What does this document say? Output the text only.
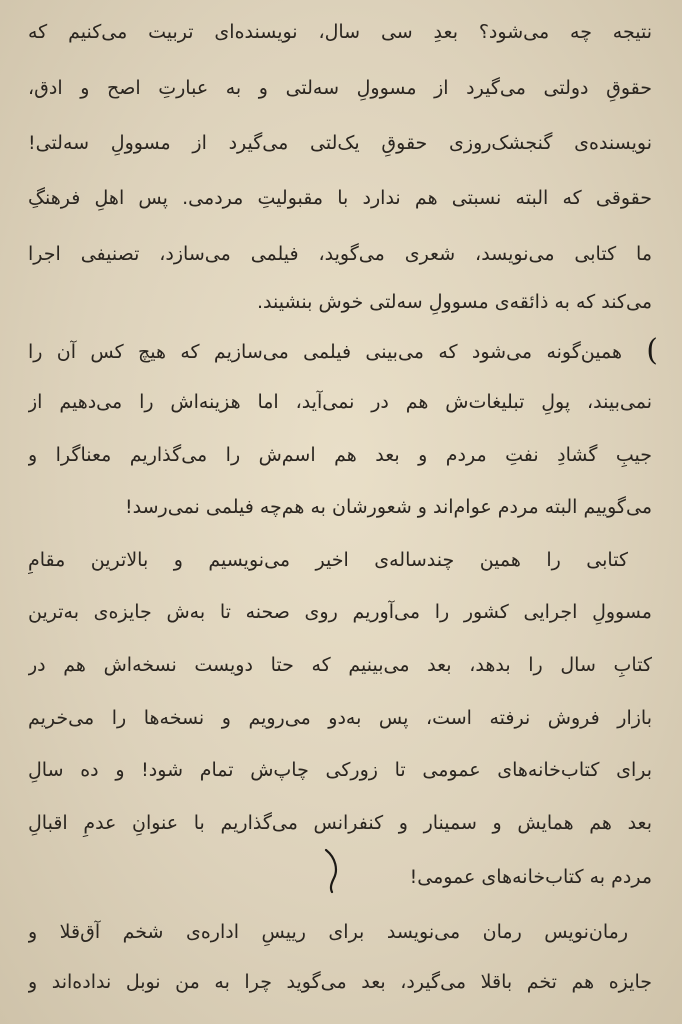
نتیجه چه می‌شود؟ بعدِ سی سال، نویسنده‌ای تربیت می‌کنیم که
حقوقِ دولتی می‌گیرد از مسوولِ سه‌لتی و به عبارتِ اصح و ادق،
نویسنده‌ی گنجشک‌روزی حقوقِ یک‌لتی می‌گیرد از مسوولِ سه‌لتی!
حقوقی که البته نسبتی هم ندارد با مقبولیتِ مردمی. پس اهلِ فرهنگِ
ما کتابی می‌نویسد، شعری می‌گوید، فیلمی می‌سازد، تصنیفی اجرا
می‌کند که به ذائقه‌ی مسوولِ سه‌لتی خوش بنشیند.
همین‌گونه می‌شود که می‌بینی فیلمی می‌سازیم که هیچ کس آن را
نمی‌بیند، پولِ تبلیغات‌ش هم در نمی‌آید، اما هزینه‌اش را می‌دهیم از
جیبِ گشادِ نفتِ مردم و بعد هم اسم‌ش را می‌گذاریم معناگرا و
می‌گوییم البته مردم عوام‌اند و شعورشان به هم‌چه فیلمی نمی‌رسد!
کتابی را همین چندساله‌ی اخیر می‌نویسیم و بالاترین مقامِ
مسوولِ اجرایی کشور را می‌آوریم روی صحنه تا به‌ش جایزه‌ی به‌ترین
کتابِ سال را بدهد، بعد می‌بینیم که حتا دویست نسخه‌اش هم در
بازار فروش نرفته است، پس به‌دو می‌رویم و نسخه‌ها را می‌خریم
برای کتاب‌خانه‌های عمومی تا زورکی چاپ‌ش تمام شود! و ده سالِ
بعد هم همایش و سمینار و کنفرانس می‌گذاریم با عنوانِ عدمِ اقبالِ
مردم به کتاب‌خانه‌های عمومی!
رمان‌نویس رمان می‌نویسد برای رییسِ اداره‌ی شخم آق‌قلا و
جایزه هم تخم باقلا می‌گیرد، بعد می‌گوید چرا به من نوبل نداده‌اند و
(
